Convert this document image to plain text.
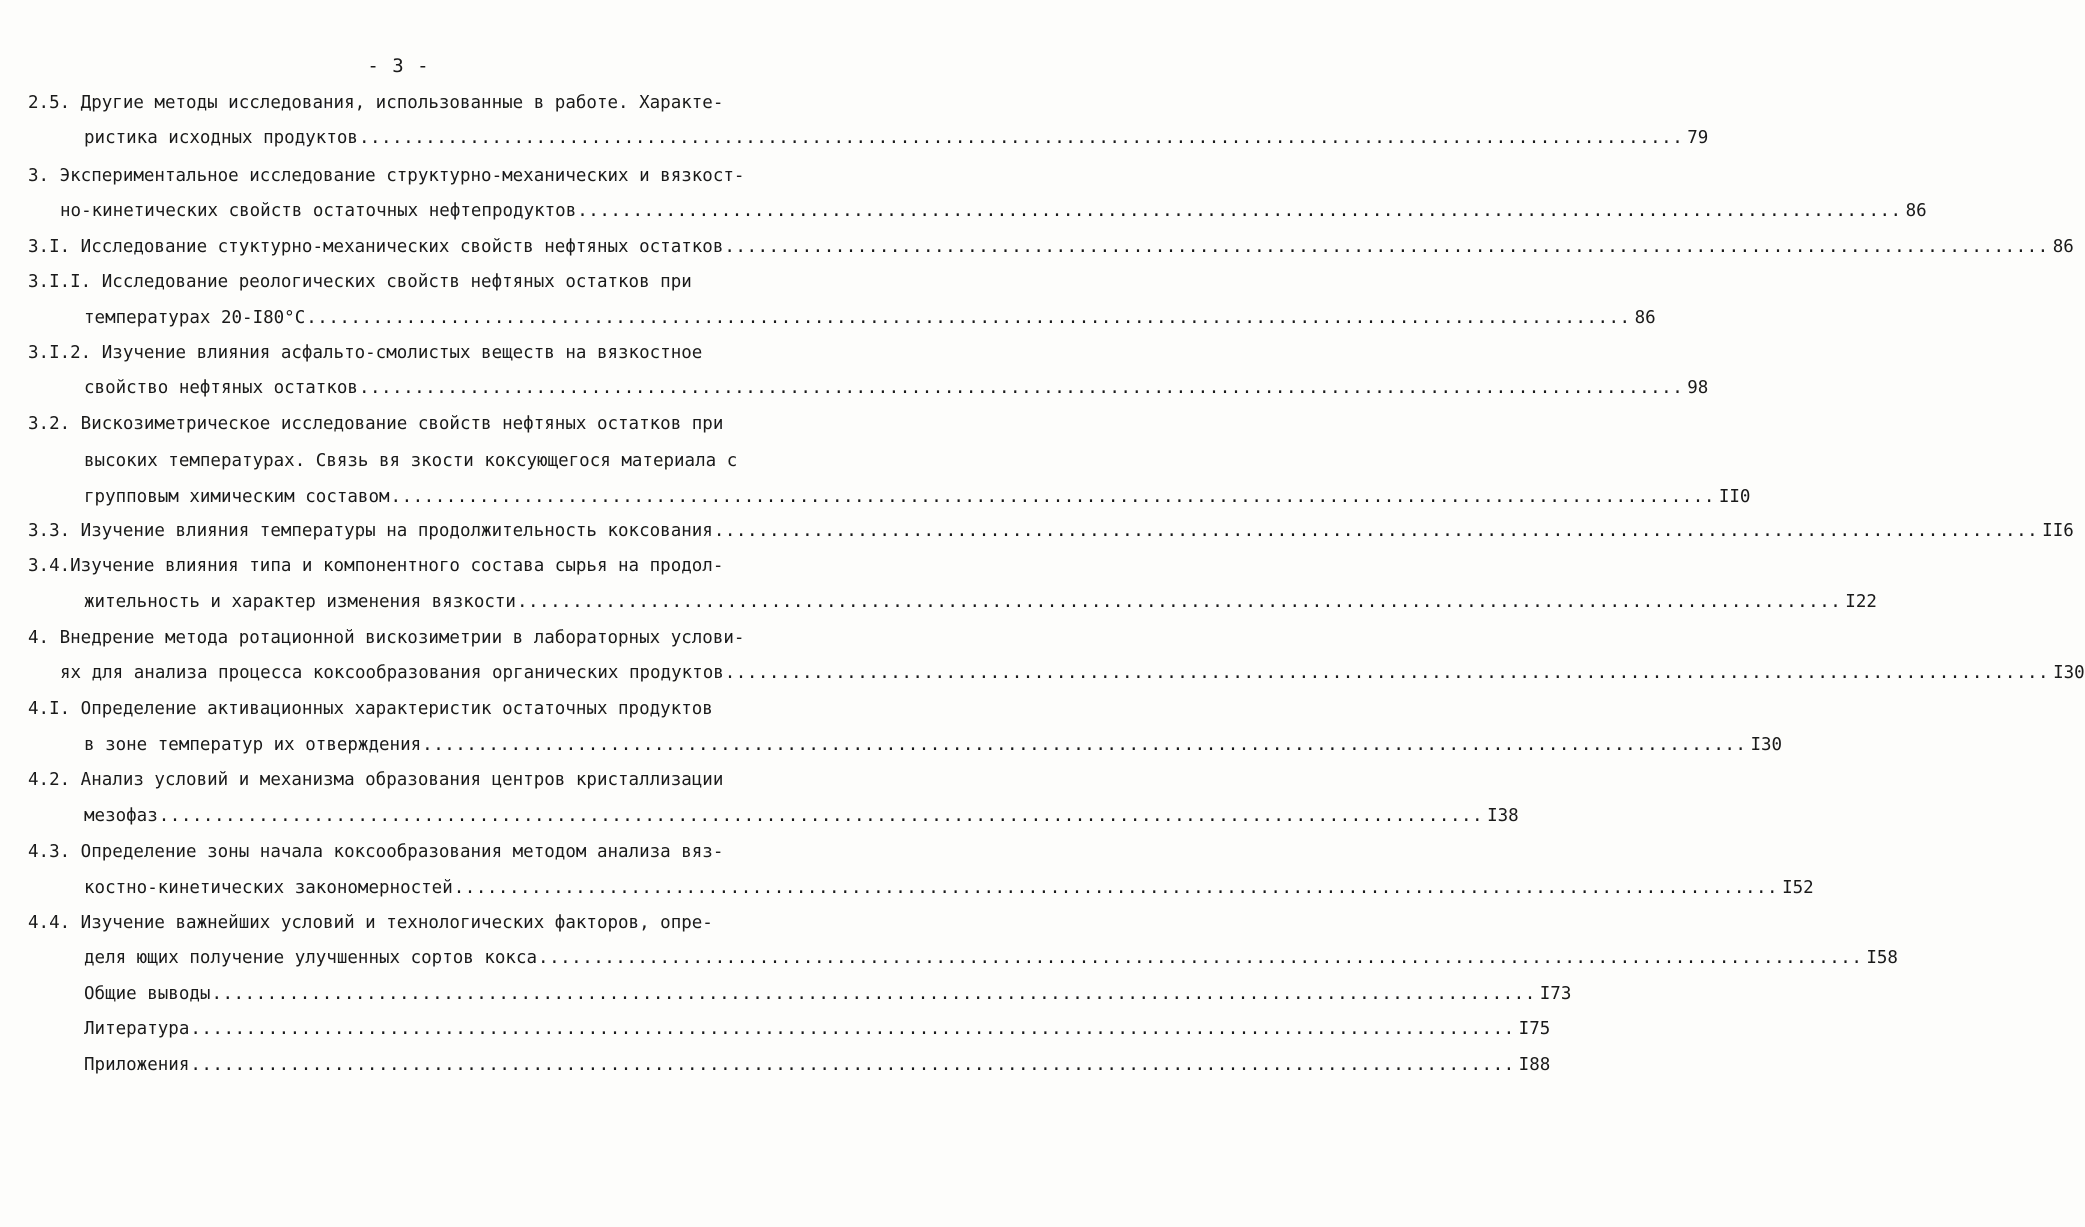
- 3 -
2.5. Другие методы исследования, использованные в работе. Характе-
ристика исходных продуктов ........................................................................................................................ 79
3. Экспериментальное исследование структурно-механических и вязкост-
но-кинетических свойств остаточных нефтепродуктов ........................................................................................................................ 86
3.I. Исследование стуктурно-механических свойств нефтяных остатков ........................................................................................................................ 86
3.I.I. Исследование реологических свойств нефтяных остатков при
температурах 20-I80°C ........................................................................................................................ 86
3.I.2. Изучение влияния асфальто-смолистых веществ на вязкостное
свойство нефтяных остатков ........................................................................................................................ 98
3.2. Вискозиметрическое исследование свойств нефтяных остатков при
высоких температурах. Связь вя зкости коксующегося материала с
групповым химическим составом ........................................................................................................................ II0
3.3. Изучение влияния температуры на продолжительность коксования ........................................................................................................................ II6
3.4.Изучение влияния типа и компонентного состава сырья на продол-
жительность и характер изменения вязкости ........................................................................................................................ I22
4. Внедрение метода ротационной вискозиметрии в лабораторных услови-
ях для анализа процесса коксообразования органических продуктов ........................................................................................................................ I30
4.I. Определение активационных характеристик остаточных продуктов
в зоне температур их отверждения ........................................................................................................................ I30
4.2. Анализ условий и механизма образования центров кристаллизации
мезофаз ........................................................................................................................ I38
4.3. Определение зоны начала коксообразования методом анализа вяз-
костно-кинетических закономерностей ........................................................................................................................ I52
4.4. Изучение важнейших условий и технологических факторов, опре-
деля ющих получение улучшенных сортов кокса ........................................................................................................................ I58
Общие выводы ........................................................................................................................ I73
Литература ........................................................................................................................ I75
Приложения ........................................................................................................................ I88
